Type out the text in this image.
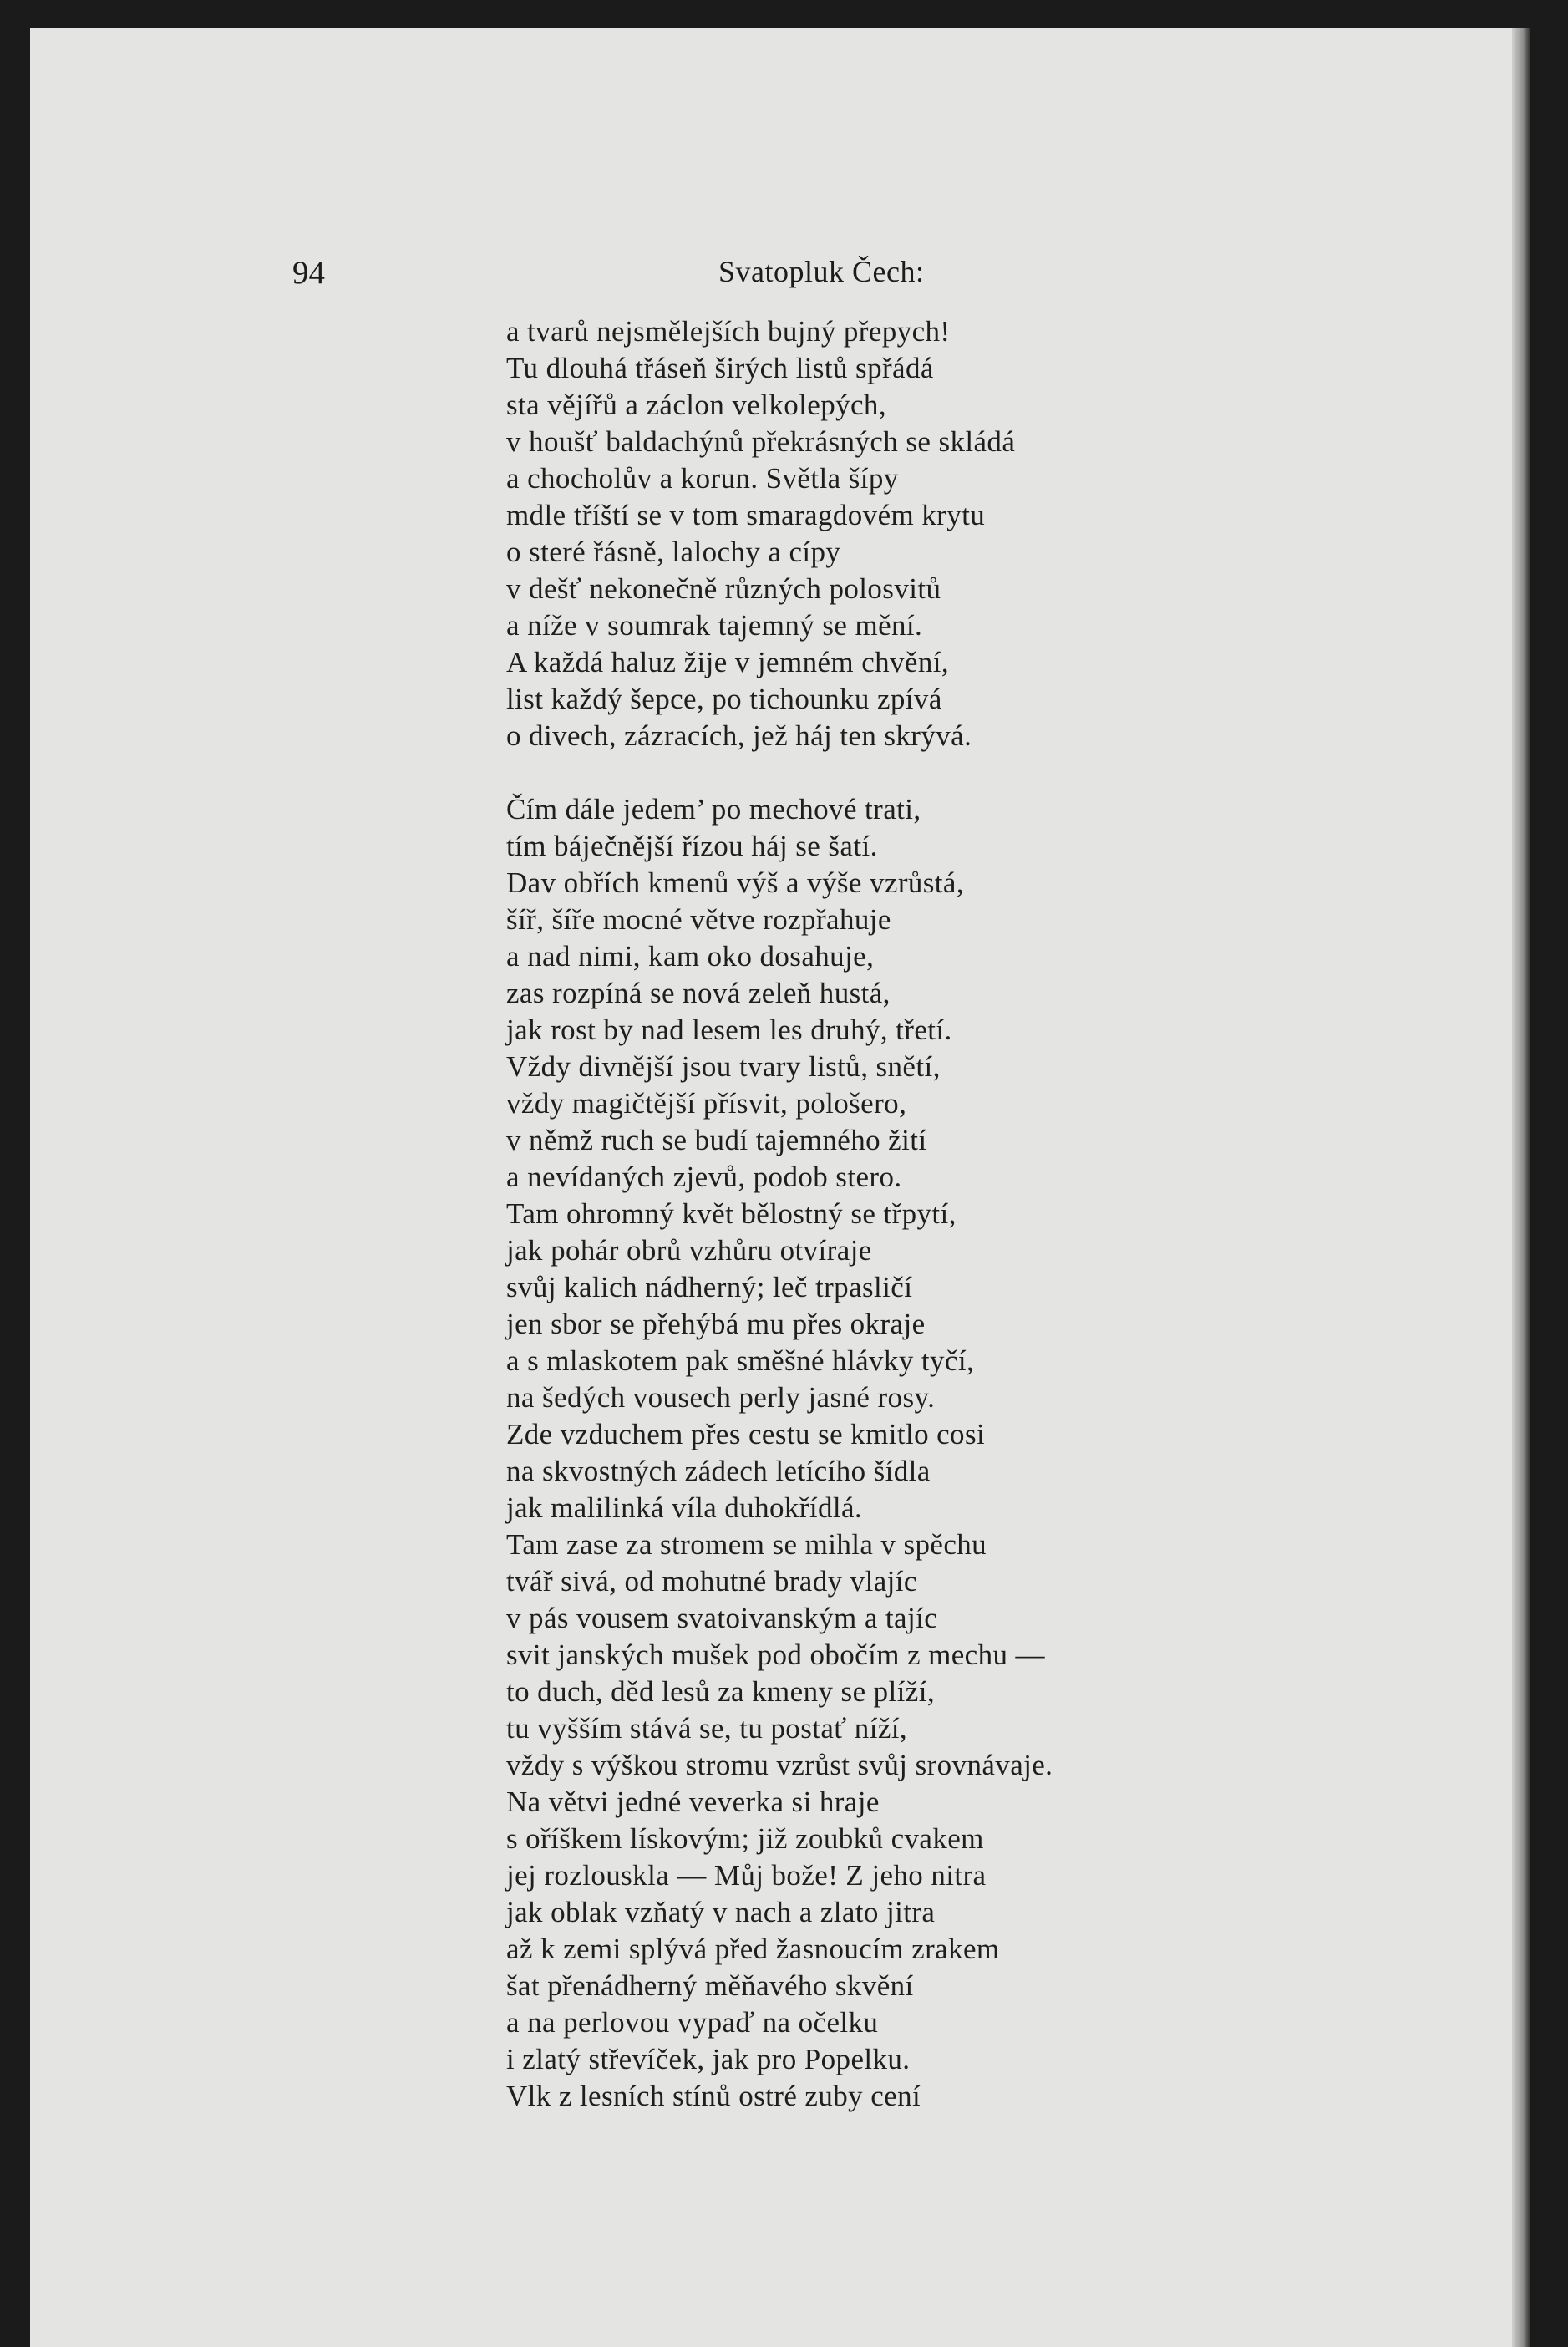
94	Svatopluk Čech:
a tvarů nejsmělejších bujný přepych!
Tu dlouhá třáseň širých listů spřádá
sta vějířů a záclon velkolepých,
v houšť baldachýnů překrásných se skládá
a chocholův a korun. Světla šípy
mdle tříští se v tom smaragdovém krytu
o steré řásně, lalochy a cípy
v dešť nekonečně různých polosvitů
a níže v soumrak tajemný se mění.
A každá haluz žije v jemném chvění,
list každý šepce, po tichounku zpívá
o divech, zázracích, jež háj ten skrývá.
Čím dále jedem’ po mechové trati,
tím báječnější řízou háj se šatí.
Dav obřích kmenů výš a výše vzrůstá,
šíř, šíře mocné větve rozpřahuje
a nad nimi, kam oko dosahuje,
zas rozpíná se nová zeleň hustá,
jak rost by nad lesem les druhý, třetí.
Vždy divnější jsou tvary listů, snětí,
vždy magičtější přísvit, pološero,
v němž ruch se budí tajemného žití
a nevídaných zjevů, podob stero.
Tam ohromný květ bělostný se třpytí,
jak pohár obrů vzhůru otvíraje
svůj kalich nádherný; leč trpasličí
jen sbor se přehýbá mu přes okraje
a s mlaskotem pak směšné hlávky tyčí,
na šedých vousech perly jasné rosy.
Zde vzduchem přes cestu se kmitlo cosi
na skvostných zádech letícího šídla
jak malilinká víla duhokřídlá.
Tam zase za stromem se mihla v spěchu
tvář sivá, od mohutné brady vlajíc
v pás vousem svatoivanským a tajíc
svit janských mušek pod obočím z mechu —
to duch, děd lesů za kmeny se plíží,
tu vyšším stává se, tu postať níží,
vždy s výškou stromu vzrůst svůj srovnávaje.
Na větvi jedné veverka si hraje
s oříškem lískovým; již zoubků cvakem
jej rozlouskla — Můj bože! Z jeho nitra
jak oblak vzňatý v nach a zlato jitra
až k zemi splývá před žasnoucím zrakem
šat přenádherný měňavého skvění
a na perlovou vypaď na očelku
i zlatý střevíček, jak pro Popelku.
Vlk z lesních stínů ostré zuby cení
